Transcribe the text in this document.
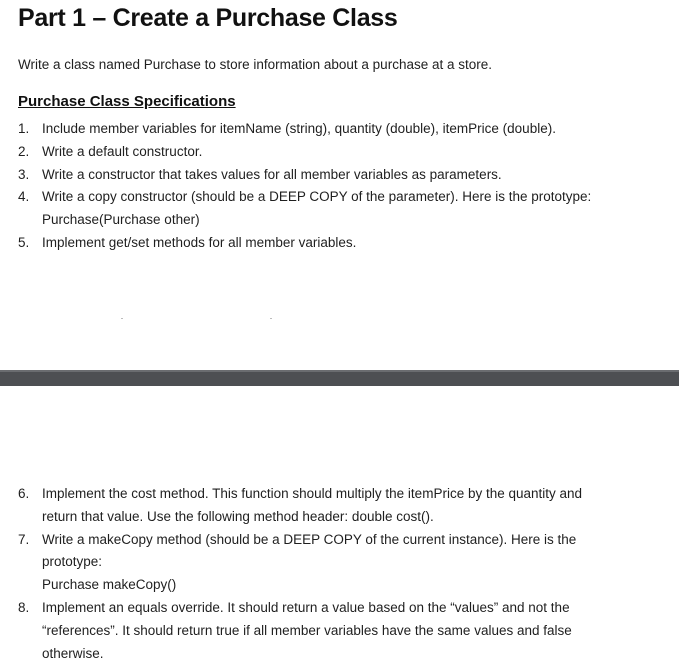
Part 1 – Create a Purchase Class

Write a class named Purchase to store information about a purchase at a store.

Purchase Class Specifications
1. Include member variables for itemName (string), quantity (double), itemPrice (double).
2. Write a default constructor.
3. Write a constructor that takes values for all member variables as parameters.
4. Write a copy constructor (should be a DEEP COPY of the parameter). Here is the prototype:
Purchase(Purchase other)
5. Implement get/set methods for all member variables.
6. Implement the cost method. This function should multiply the itemPrice by the quantity and
return that value. Use the following method header: double cost().
7. Write a makeCopy method (should be a DEEP COPY of the current instance). Here is the
prototype:
Purchase makeCopy()
8. Implement an equals override. It should return a value based on the “values” and not the
“references”. It should return true if all member variables have the same values and false
otherwise.
